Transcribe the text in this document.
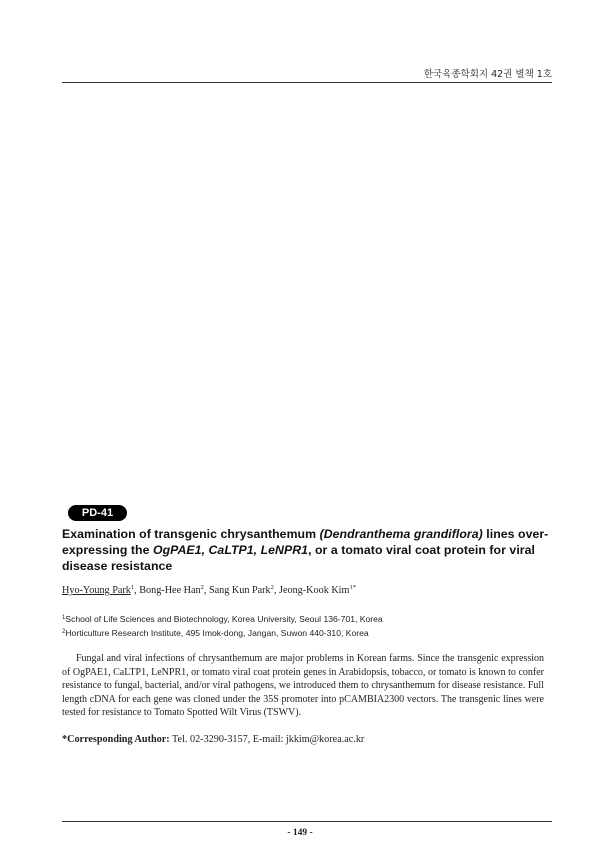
한국육종학회지 42권 별책 1호
PD-41
Examination of transgenic chrysanthemum (Dendranthema grandiflora) lines over-expressing the OgPAE1, CaLTP1, LeNPR1, or a tomato viral coat protein for viral disease resistance
Hyo-Young Park$^1$, Bong-Hee Han$^2$, Sang Kun Park$^2$, Jeong-Kook Kim$^{1*}$
$^1$School of Life Sciences and Biotechnology, Korea University, Seoul 136-701, Korea
$^2$Horticulture Research Institute, 495 Imok-dong, Jangan, Suwon 440-310, Korea

Fungal and viral infections of chrysanthemum are major problems in Korean farms. Since the transgenic expression of OgPAE1, CaLTP1, LeNPR1, or tomato viral coat protein genes in Arabidopsis, tobacco, or tomato is known to confer resistance to fungal, bacterial, and/or viral pathogens, we introduced them to chrysanthemum for disease resistance. Full length cDNA for each gene was cloned under the 35S promoter into pCAMBIA2300 vectors. The transgenic lines were tested for resistance to Tomato Spotted Wilt Virus (TSWV).

*Corresponding Author: Tel. 02-3290-3157, E-mail: jkkim@korea.ac.kr
- 149 -
